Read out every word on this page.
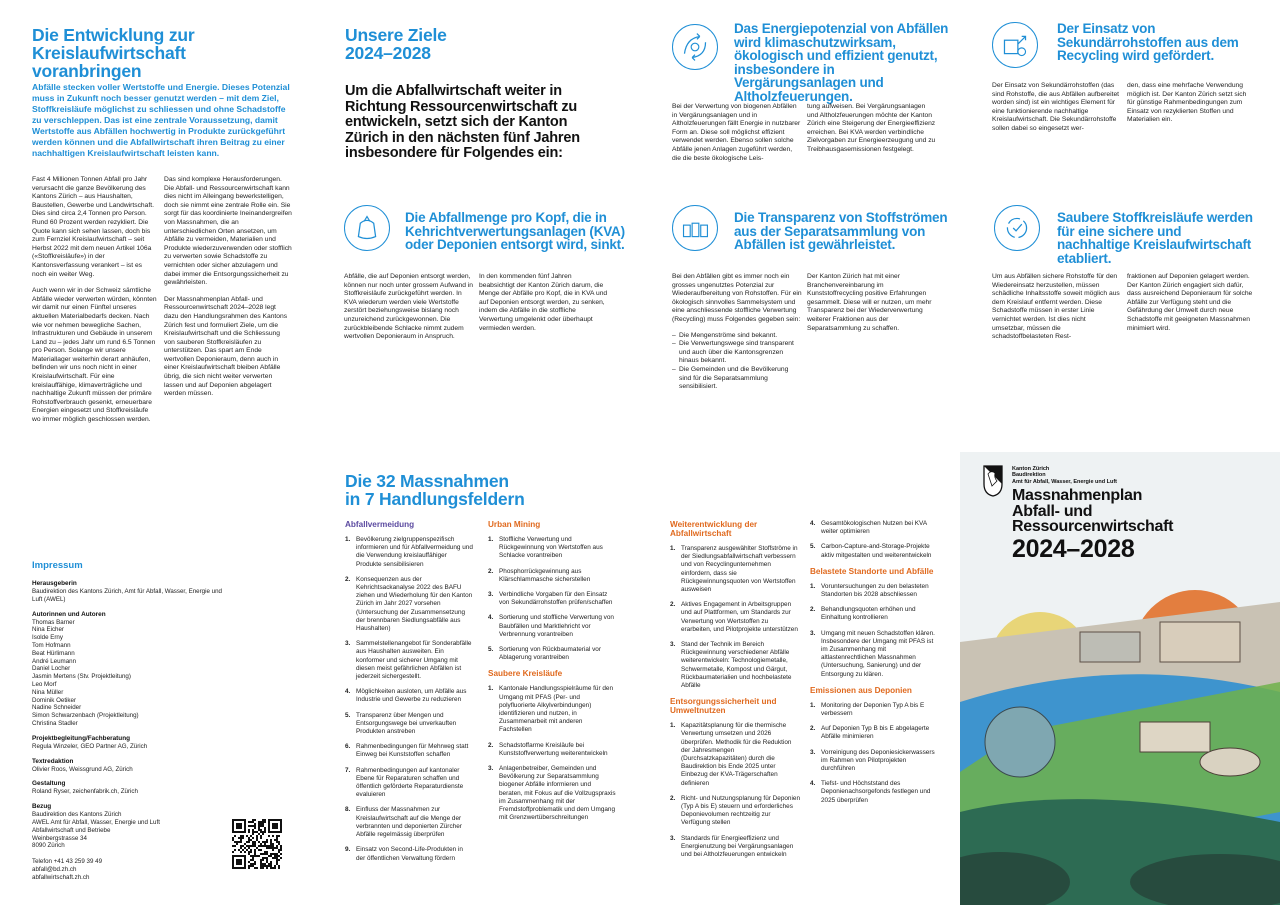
Die Entwicklung zur Kreislaufwirtschaft voranbringen
Abfälle stecken voller Wertstoffe und Energie. Dieses Potenzial muss in Zukunft noch besser genutzt werden – mit dem Ziel, Stoffkreisläufe möglichst zu schliessen und ohne Schadstoffe zu verschleppen. Das ist eine zentrale Voraussetzung, damit Wertstoffe aus Abfällen hochwertig in Produkte zurückgeführt werden können und die Abfallwirtschaft ihren Beitrag zu einer nachhaltigen Kreislaufwirtschaft leisten kann.

Fast 4 Millionen Tonnen Abfall pro Jahr verursacht die ganze Bevölkerung des Kantons Zürich – aus Haushalten, Baustellen, Gewerbe und Landwirtschaft. Dies sind circa 2,4 Tonnen pro Person. Rund 60 Prozent werden rezykliert. Die Quote kann sich sehen lassen, doch bis zum Fernziel Kreislaufwirtschaft – seit Herbst 2022 mit dem neuen Artikel 106a («Stoffkreisläufe») in der Kantonsverfassung verankert – ist es noch ein weiter Weg.

Auch wenn wir in der Schweiz sämtliche Abfälle wieder verwerten würden, könnten wir damit nur einen Fünftel unseres aktuellen Materialbedarfs decken. Nach wie vor nehmen bewegliche Sachen, Infrastrukturen und Gebäude in unserem Land zu – jedes Jahr um rund 6.5 Tonnen pro Person. Solange wir unsere Materiallager weiterhin derart anhäufen, befinden wir uns noch nicht in einer Kreislaufwirtschaft. Für eine kreislauffähige, klimaverträgliche und nachhaltige Zukunft müssen der primäre Rohstoffverbrauch gesenkt, erneuerbare Energien eingesetzt und Stoffkreisläufe wo immer möglich geschlossen werden.

Das sind komplexe Herausforderungen. Die Abfall- und Ressourcenwirtschaft kann dies nicht im Alleingang bewerkstelligen, doch sie nimmt eine zentrale Rolle ein. Sie sorgt für das koordinierte Ineinandergreifen von Massnahmen, die an unterschiedlichen Orten ansetzen, um Abfälle zu vermeiden, Materialien und Produkte wiederzuverwenden oder stofflich zu verwerten sowie Schadstoffe zu vernichten oder sicher abzulagern und dabei immer die Entsorgungssicherheit zu gewährleisten.

Der Massnahmenplan Abfall- und Ressourcenwirtschaft 2024–2028 legt dazu den Handlungsrahmen des Kantons Zürich fest und formuliert Ziele, um die Kreislaufwirtschaft und die Schliessung von sauberen Stoffkreisläufen zu unterstützen. Das spart am Ende wertvollen Deponieraum, denn auch in einer Kreislaufwirtschaft bleiben Abfälle übrig, die sich nicht weiter verwerten lassen und auf Deponien abgelagert werden müssen.

Unsere Ziele
2024–2028
Um die Abfallwirtschaft weiter in Richtung Ressourcenwirtschaft zu entwickeln, setzt sich der Kanton Zürich in den nächsten fünf Jahren insbesondere für Folgendes ein:
Das Energiepotenzial von Abfällen wird klimaschutzwirksam, ökologisch und effizient genutzt, insbesondere in Vergärungsanlagen und Altholzfeuerungen.
Bei der Verwertung von biogenen Abfällen in Vergärungsanlagen und in Altholzfeuerungen fällt Energie in nutzbarer Form an. Diese soll möglichst effizient verwendet werden. Ebenso sollen solche Abfälle jenen Anlagen zugeführt werden, die die beste ökologische Leis-
tung aufweisen. Bei Vergärungsanlagen und Altholzfeuerungen möchte der Kanton Zürich eine Steigerung der Energieeffizienz erreichen. Bei KVA werden verbindliche Zielvorgaben zur Energieerzeugung und zu Treibhausgasemissionen festgelegt.
Der Einsatz von Sekundärrohstoffen aus dem Recycling wird gefördert.
Der Einsatz von Sekundärrohstoffen (das sind Rohstoffe, die aus Abfällen aufbereitet worden sind) ist ein wichtiges Element für eine funktionierende nachhaltige Kreislaufwirtschaft. Die Sekundärrohstoffe sollen dabei so eingesetzt wer-
den, dass eine mehrfache Verwendung möglich ist. Der Kanton Zürich setzt sich für günstige Rahmenbedingungen zum Einsatz von rezyklierten Stoffen und Materialien ein.
Die Abfallmenge pro Kopf, die in Kehrichtverwertungsanlagen (KVA) oder Deponien entsorgt wird, sinkt.
Abfälle, die auf Deponien entsorgt werden, können nur noch unter grossem Aufwand in Stoffkreisläufe zurückgeführt werden. In KVA wiederum werden viele Wertstoffe zerstört beziehungsweise bislang noch unzureichend zurückgewonnen. Die zurückbleibende Schlacke nimmt zudem wertvollen Deponieraum in Anspruch.
In den kommenden fünf Jahren beabsichtigt der Kanton Zürich darum, die Menge der Abfälle pro Kopf, die in KVA und auf Deponien entsorgt werden, zu senken, indem die Abfälle in die stoffliche Verwertung umgelenkt oder überhaupt vermieden werden.
Die Transparenz von Stoffströmen aus der Separatsammlung von Abfällen ist gewährleistet.
Bei den Abfällen gibt es immer noch ein grosses ungenutztes Potenzial zur Wiederaufbereitung von Rohstoffen. Für ein ökologisch sinnvolles Sammelsystem und eine anschliessende stoffliche Verwertung (Recycling) muss Folgendes gegeben sein:
– Die Mengenströme sind bekannt.
– Die Verwertungswege sind transparent und auch über die Kantonsgrenzen hinaus bekannt.
– Die Gemeinden und die Bevölkerung sind für die Separatsammlung sensibilisiert.
Der Kanton Zürich hat mit einer Branchenvereinbarung im Kunststoffrecycling positive Erfahrungen gesammelt. Diese will er nutzen, um mehr Transparenz bei der Wiederverwertung weiterer Fraktionen aus der Separatsammlung zu schaffen.
Saubere Stoffkreisläufe werden für eine sichere und nachhaltige Kreislaufwirtschaft etabliert.
Um aus Abfällen sichere Rohstoffe für den Wiedereinsatz herzustellen, müssen schädliche Inhaltsstoffe soweit möglich aus dem Kreislauf entfernt werden. Diese Schadstoffe müssen in erster Linie vernichtet werden. Ist dies nicht umsetzbar, müssen die schadstoffbelasteten Rest-
fraktionen auf Deponien gelagert werden. Der Kanton Zürich engagiert sich dafür, dass ausreichend Deponieraum für solche Abfälle zur Verfügung steht und die Gefährdung der Umwelt durch neue Schadstoffe mit geeigneten Massnahmen minimiert wird.
Impressum
Herausgeberin
Baudirektion des Kantons Zürich, Amt für Abfall, Wasser, Energie und Luft (AWEL)
Autorinnen und Autoren
Thomas Barner
Nina Eicher
Isolde Erny
Tom Hofmann
Beat Hürlimann
André Leumann
Daniel Locher
Jasmin Mertens (Stv. Projektleitung)
Leo Morf
Nina Müller
Dominik Oetiker
Nadine Schneider
Simon Schwarzenbach (Projektleitung)
Christina Stadler
Projektbegleitung/Fachberatung
Regula Winzeler, GEO Partner AG, Zürich
Textredaktion
Olivier Roos, Weissgrund AG, Zürich
Gestaltung
Roland Ryser, zeichenfabrik.ch, Zürich
Bezug
Baudirektion des Kantons Zürich
AWEL Amt für Abfall, Wasser, Energie und Luft
Abfallwirtschaft und Betriebe
Weinbergstrasse 34
8090 Zürich

Telefon +41 43 259 39 49
abfall@bd.zh.ch
abfallwirtschaft.zh.ch
Die 32 Massnahmen
in 7 Handlungsfeldern
Abfallvermeidung
1. Bevölkerung zielgruppenspezifisch informieren und für Abfallvermeidung und die Verwendung kreislauffähiger Produkte sensibilisieren
2. Konsequenzen aus der Kehrichtsackanalyse 2022 des BAFU ziehen und Wiederholung für den Kanton Zürich im Jahr 2027 vorsehen (Untersuchung der Zusammensetzung der brennbaren Siedlungsabfälle aus Haushalten)
3. Sammelstellenangebot für Sonderabfälle aus Haushalten ausweiten. Ein konformer und sicherer Umgang mit diesen meist gefährlichen Abfällen ist jederzeit sichergestellt.
4. Möglichkeiten ausloten, um Abfälle aus Industrie und Gewerbe zu reduzieren
5. Transparenz über Mengen und Entsorgungswege bei unverkauften Produkten anstreben
6. Rahmenbedingungen für Mehrweg statt Einweg bei Kunststoffen schaffen
7. Rahmenbedingungen auf kantonaler Ebene für Reparaturen schaffen und öffentlich geförderte Reparaturdienste evaluieren
8. Einfluss der Massnahmen zur Kreislaufwirtschaft auf die Menge der verbrannten und deponierten Zürcher Abfälle regelmässig überprüfen
9. Einsatz von Second-Life-Produkten in der öffentlichen Verwaltung fördern
Urban Mining
1. Stoffliche Verwertung und Rückgewinnung von Wertstoffen aus Schlacke vorantreiben
2. Phosphorrückgewinnung aus Klärschlammasche sicherstellen
3. Verbindliche Vorgaben für den Einsatz von Sekundärrohstoffen prüfen/schaffen
4. Sortierung und stoffliche Verwertung von Baubfällen und Marktlehricht vor Verbrennung vorantreiben
5. Sortierung von Rückbaumaterial vor Ablagerung vorantreiben
Saubere Kreisläufe
1. Kantonale Handlungsspielräume für den Umgang mit PFAS (Per- und polyfluorierte Alkylverbindungen) identifizieren und nutzen, in Zusammenarbeit mit anderen Fachstellen
2. Schadstoffarme Kreisläufe bei Kunststoffverwertung weiterentwickeln
3. Anlagenbetreiber, Gemeinden und Bevölkerung zur Separatsammlung biogener Abfälle informieren und beraten, mit Fokus auf die Vollzugspraxis im Zusammenhang mit der Fremdstoffproblematik und dem Umgang mit Grenzwertüberschreitungen
Weiterentwicklung der Abfallwirtschaft
1. Transparenz ausgewählter Stoffströme in der Siedlungsabfallwirtschaft verbessern und von Recyclingunternehmen einfordern, dass sie Rückgewinnungsquoten von Wertstoffen ausweisen
2. Aktives Engagement in Arbeitsgruppen und auf Plattformen, um Standards zur Verwertung von Wertstoffen zu erarbeiten, und Pilotprojekte unterstützen
3. Stand der Technik im Bereich Rückgewinnung verschiedener Abfälle weiterentwickeln: Technologiemetalle, Schwermetalle, Kompost und Gärgut, Rückbaumaterialien und hochbelastete Abfälle
Entsorgungssicherheit und Umweltnutzen
1. Kapazitätsplanung für die thermische Verwertung umsetzen und 2026 überprüfen. Methodik für die Reduktion der Jahresmengen (Durchsatzkapazitäten) durch die Baudirektion bis Ende 2025 unter Einbezug der KVA-Trägerschaften definieren
2. Richt- und Nutzungsplanung für Deponien (Typ A bis E) steuern und erforderliches Deponievolumen rechtzeitig zur Verfügung stellen
3. Standards für Energieeffizienz und Energienutzung bei Vergärungsanlagen und bei Altholzfeuerungen entwickeln
4. Gesamtökologischen Nutzen bei KVA weiter optimieren
5. Carbon-Capture-and-Storage-Projekte aktiv mitgestalten und weiterentwickeln
Belastete Standorte und Abfälle
1. Voruntersuchungen zu den belasteten Standorten bis 2028 abschliessen
2. Behandlungsquoten erhöhen und Einhaltung kontrollieren
3. Umgang mit neuen Schadstoffen klären. Insbesondere der Umgang mit PFAS ist im Zusammenhang mit altlastenrechtlichen Massnahmen (Untersuchung, Sanierung) und der Entsorgung zu klären.
Emissionen aus Deponien
1. Monitoring der Deponien Typ A bis E verbessern
2. Auf Deponien Typ B bis E abgelagerte Abfälle minimieren
3. Vorreinigung des Deponiesickerwassers im Rahmen von Pilotprojekten durchführen
4. Tiefst- und Höchststand des Deponienachsorgefonds festlegen und 2025 überprüfen
Kanton Zürich
Baudirektion
Amt für Abfall, Wasser, Energie und Luft
Massnahmenplan
Abfall- und
Ressourcenwirtschaft
2024–2028
